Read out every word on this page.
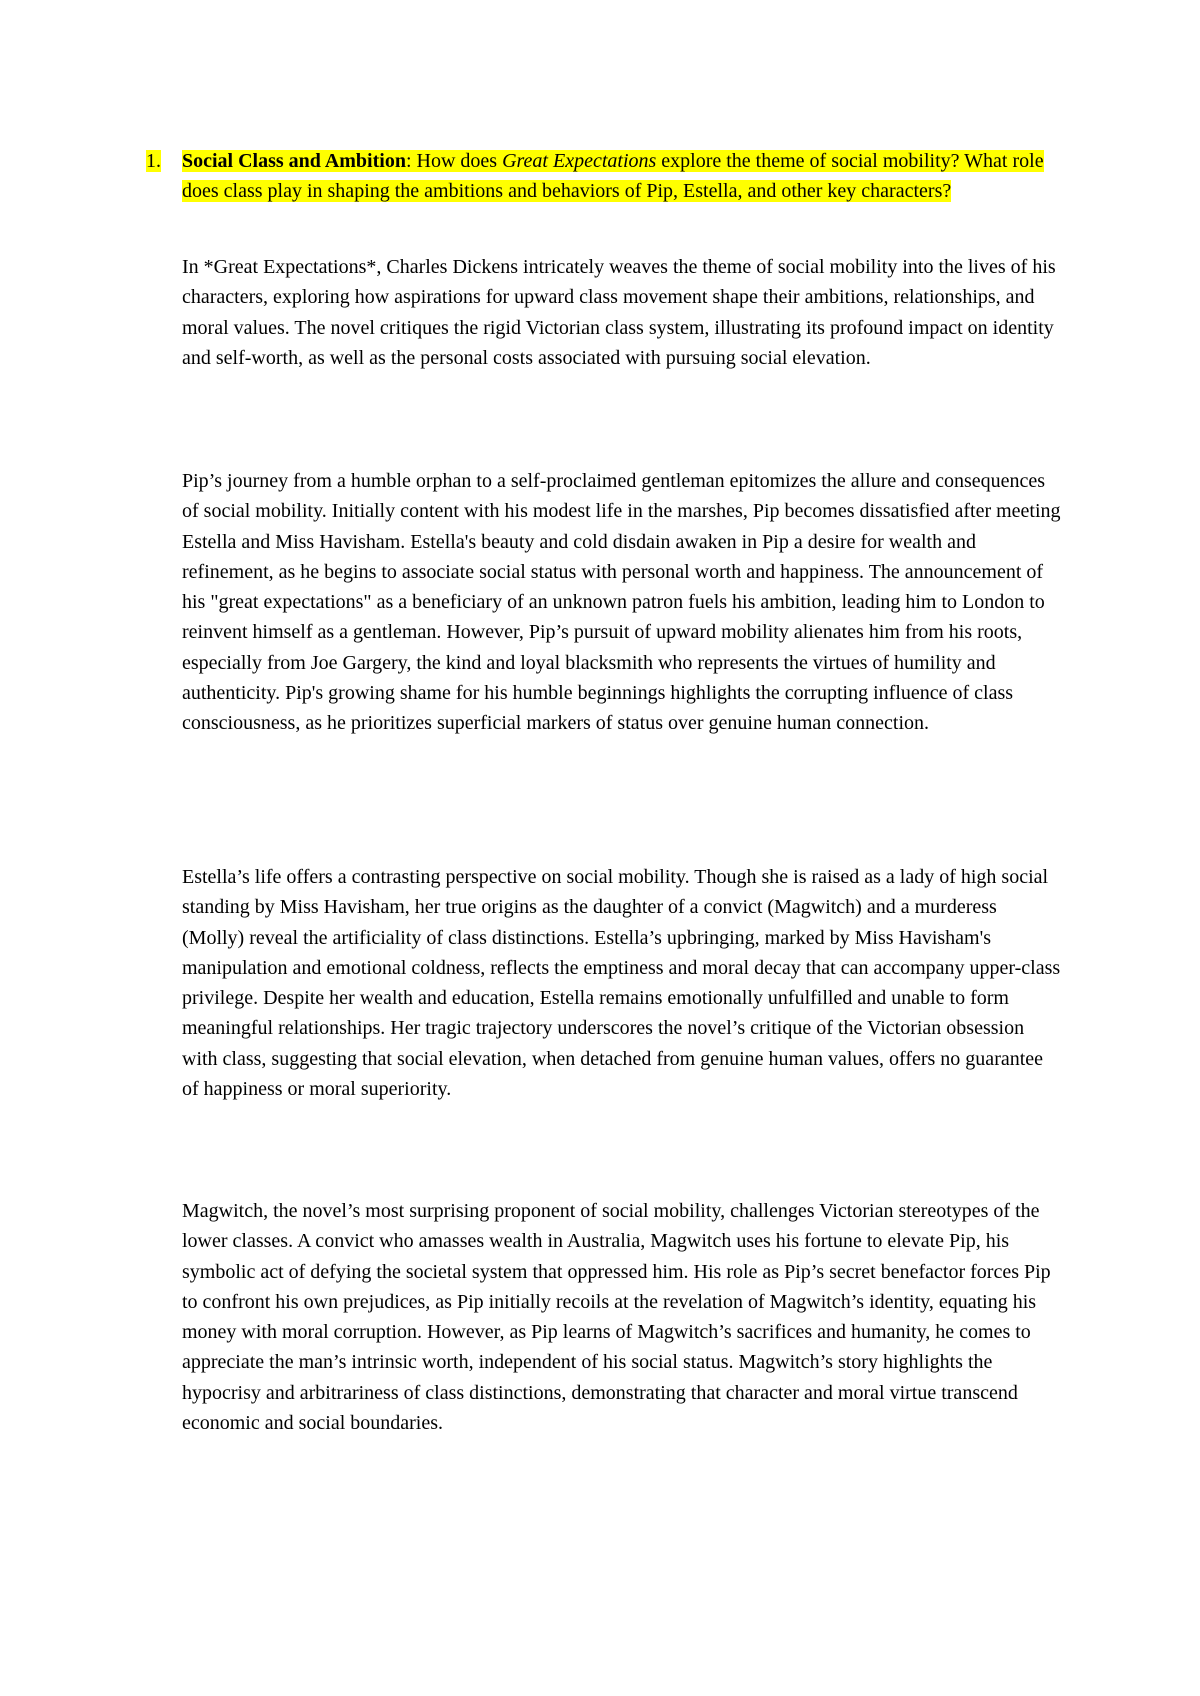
1.	Social Class and Ambition: How does Great Expectations explore the theme of social mobility? What role does class play in shaping the ambitions and behaviors of Pip, Estella, and other key characters?

In *Great Expectations*, Charles Dickens intricately weaves the theme of social mobility into the lives of his characters, exploring how aspirations for upward class movement shape their ambitions, relationships, and moral values. The novel critiques the rigid Victorian class system, illustrating its profound impact on identity and self-worth, as well as the personal costs associated with pursuing social elevation.

Pip’s journey from a humble orphan to a self-proclaimed gentleman epitomizes the allure and consequences of social mobility. Initially content with his modest life in the marshes, Pip becomes dissatisfied after meeting Estella and Miss Havisham. Estella's beauty and cold disdain awaken in Pip a desire for wealth and refinement, as he begins to associate social status with personal worth and happiness. The announcement of his "great expectations" as a beneficiary of an unknown patron fuels his ambition, leading him to London to reinvent himself as a gentleman. However, Pip’s pursuit of upward mobility alienates him from his roots, especially from Joe Gargery, the kind and loyal blacksmith who represents the virtues of humility and authenticity. Pip's growing shame for his humble beginnings highlights the corrupting influence of class consciousness, as he prioritizes superficial markers of status over genuine human connection.

Estella’s life offers a contrasting perspective on social mobility. Though she is raised as a lady of high social standing by Miss Havisham, her true origins as the daughter of a convict (Magwitch) and a murderess (Molly) reveal the artificiality of class distinctions. Estella’s upbringing, marked by Miss Havisham's manipulation and emotional coldness, reflects the emptiness and moral decay that can accompany upper-class privilege. Despite her wealth and education, Estella remains emotionally unfulfilled and unable to form meaningful relationships. Her tragic trajectory underscores the novel’s critique of the Victorian obsession with class, suggesting that social elevation, when detached from genuine human values, offers no guarantee of happiness or moral superiority.

Magwitch, the novel’s most surprising proponent of social mobility, challenges Victorian stereotypes of the lower classes. A convict who amasses wealth in Australia, Magwitch uses his fortune to elevate Pip, his symbolic act of defying the societal system that oppressed him. His role as Pip’s secret benefactor forces Pip to confront his own prejudices, as Pip initially recoils at the revelation of Magwitch’s identity, equating his money with moral corruption. However, as Pip learns of Magwitch’s sacrifices and humanity, he comes to appreciate the man’s intrinsic worth, independent of his social status. Magwitch’s story highlights the hypocrisy and arbitrariness of class distinctions, demonstrating that character and moral virtue transcend economic and social boundaries.
